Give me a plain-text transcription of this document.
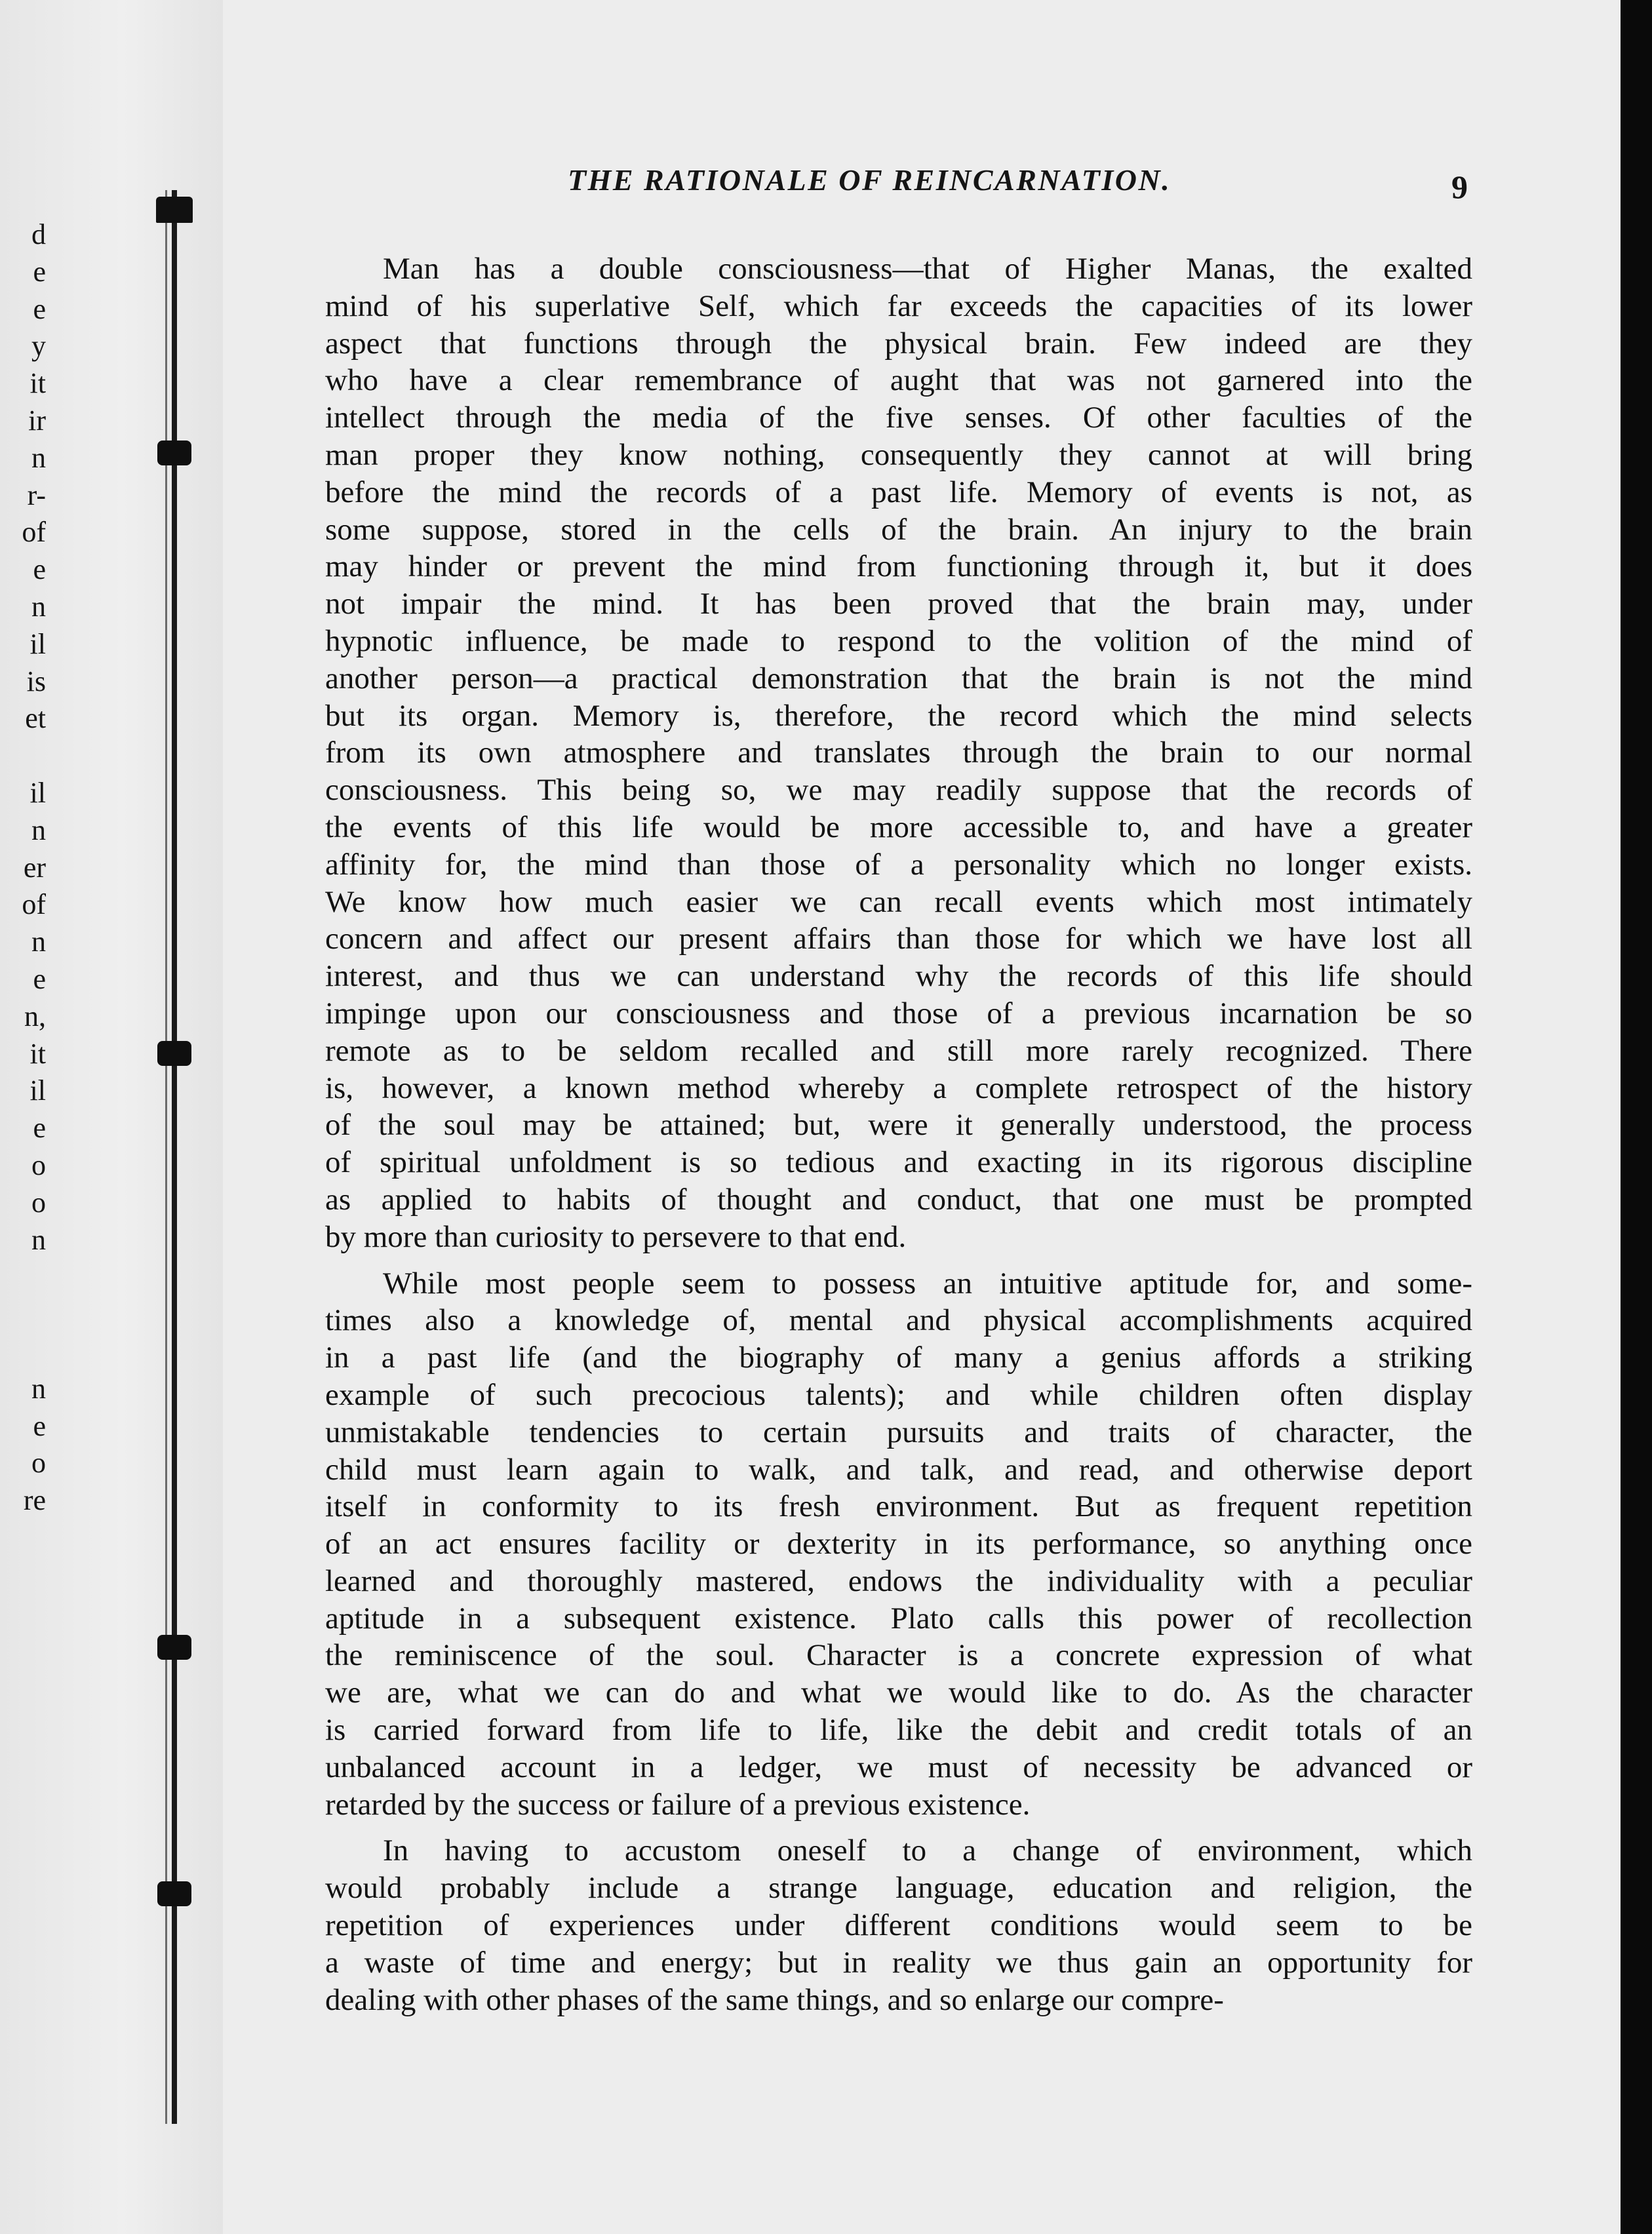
d
e
e
y
it
ir
n
r-
of
e
n
il
is
et
il
n
er
of
n
e
n,
it
il
e
o
o
n
n
e
o
re
THE RATIONALE OF REINCARNATION.	9
Man has a double consciousness—that of Higher Manas, the exalted
mind of his superlative Self, which far exceeds the capacities of its lower
aspect that functions through the physical brain. Few indeed are they
who have a clear remembrance of aught that was not garnered into the
intellect through the media of the five senses. Of other faculties of the
man proper they know nothing, consequently they cannot at will bring
before the mind the records of a past life. Memory of events is not, as
some suppose, stored in the cells of the brain. An injury to the brain
may hinder or prevent the mind from functioning through it, but it does
not impair the mind. It has been proved that the brain may, under
hypnotic influence, be made to respond to the volition of the mind of
another person—a practical demonstration that the brain is not the mind
but its organ. Memory is, therefore, the record which the mind selects
from its own atmosphere and translates through the brain to our normal
consciousness. This being so, we may readily suppose that the records of
the events of this life would be more accessible to, and have a greater
affinity for, the mind than those of a personality which no longer exists.
We know how much easier we can recall events which most intimately
concern and affect our present affairs than those for which we have lost all
interest, and thus we can understand why the records of this life should
impinge upon our consciousness and those of a previous incarnation be so
remote as to be seldom recalled and still more rarely recognized. There
is, however, a known method whereby a complete retrospect of the history
of the soul may be attained; but, were it generally understood, the process
of spiritual unfoldment is so tedious and exacting in its rigorous discipline
as applied to habits of thought and conduct, that one must be prompted
by more than curiosity to persevere to that end.
While most people seem to possess an intuitive aptitude for, and some-
times also a knowledge of, mental and physical accomplishments acquired
in a past life (and the biography of many a genius affords a striking
example of such precocious talents); and while children often display
unmistakable tendencies to certain pursuits and traits of character, the
child must learn again to walk, and talk, and read, and otherwise deport
itself in conformity to its fresh environment. But as frequent repetition
of an act ensures facility or dexterity in its performance, so anything once
learned and thoroughly mastered, endows the individuality with a peculiar
aptitude in a subsequent existence. Plato calls this power of recollection
the reminiscence of the soul. Character is a concrete expression of what
we are, what we can do and what we would like to do. As the character
is carried forward from life to life, like the debit and credit totals of an
unbalanced account in a ledger, we must of necessity be advanced or
retarded by the success or failure of a previous existence.
In having to accustom oneself to a change of environment, which
would probably include a strange language, education and religion, the
repetition of experiences under different conditions would seem to be
a waste of time and energy; but in reality we thus gain an opportunity for
dealing with other phases of the same things, and so enlarge our compre-
